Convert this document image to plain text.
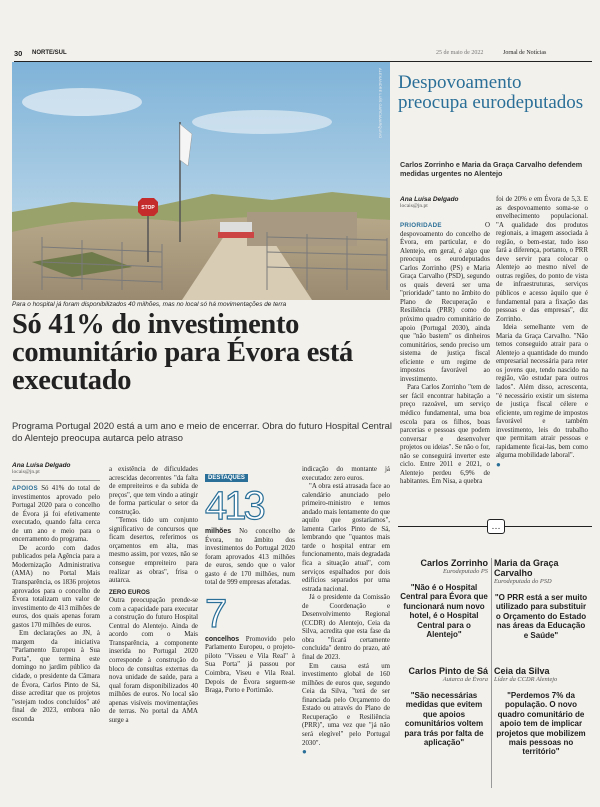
30 NORTE/SUL	25 de maio de 2022	Jornal de Notícias
STOP
ALEXANDRE LUÍS GARCIA/ARQUIVO
Para o hospital já foram disponibilizados 40 milhões, mas no local só há movimentações de terra
Só 41% do investimento comunitário para Évora está executado
Programa Portugal 2020 está a um ano e meio de encerrar. Obra do futuro Hospital Central do Alentejo preocupa autarca pelo atraso
Ana Luísa Delgado
locais@jn.pt

APOIOS Só 41% do total de investimentos aprovado pelo Portugal 2020 para o concelho de Évora já foi efetivamente executado, quando falta cerca de um ano e meio para o encerramento do programa.

De acordo com dados publicados pela Agência para a Modernização Administrativa (AMA) no Portal Mais Transparência, os 1836 projetos aprovados para o concelho de Évora totalizam um valor de investimento de 413 milhões de euros, dos quais apenas foram gastos 170 milhões de euros.

Em declarações ao JN, à margem da iniciativa "Parlamento Europeu à Sua Porta", que termina este domingo no jardim público da cidade, o presidente da Câmara de Évora, Carlos Pinto de Sá, disse acreditar que os projetos "estejam todos concluídos" até final de 2023, embora não esconda

a existência de dificuldades acrescidas decorrentes "da falta de empreiteiros e da subida de preços", que tem vindo a atingir de forma particular o setor da construção.

"Temos tido um conjunto significativo de concursos que ficam desertos, referimos os orçamentos em alta, mas mesmo assim, por vezes, não se consegue empreiteiro para realizar as obras", frisa o autarca.

ZERO EUROS

Outra preocupação prende-se com a capacidade para executar a construção do futuro Hospital Central do Alentejo. Ainda de acordo com o Mais Transparência, a componente inserida no Portugal 2020 corresponde à construção do bloco de consultas externas da nova unidade de saúde, para a qual foram disponibilizados 40 milhões de euros. No local são apenas visíveis movimentações de terras. No portal da AMA surge a

DESTAQUES
413
milhões No concelho de Évora, no âmbito dos investimentos do Portugal 2020 foram aprovados 413 milhões de euros, sendo que o valor gasto é de 170 milhões, num total de 999 empresas afetadas.
7
concelhos Promovido pelo Parlamento Europeu, o projeto-piloto "Visseu e Vila Real" à Sua Porta" já passou por Coimbra, Viseu e Vila Real. Depois de Évora seguem-se Braga, Porto e Portimão.

indicação do montante já executado: zero euros.

"A obra está atrasada face ao calendário anunciado pelo primeiro-ministro e temos andado mais lentamente do que aquilo que gostaríamos", lamenta Carlos Pinto de Sá, lembrando que "quantos mais tarde o hospital entrar em funcionamento, mais degradada fica a situação atual", com serviços espalhados por dois edifícios separados por uma estrada nacional.

Já o presidente da Comissão de Coordenação e Desenvolvimento Regional (CCDR) do Alentejo, Ceia da Silva, acredita que esta fase da obra "ficará certamente concluída" dentro do prazo, até final de 2023.

Em causa está um investimento global de 160 milhões de euros que, segundo Ceia da Silva, "terá de ser financiada pelo Orçamento do Estado ou através do Plano de Recuperação e Resiliência (PRR)", uma vez que "já não será elegível" pelo Portugal 2030".

●
Despovoamento preocupa eurodeputados
Carlos Zorrinho e Maria da Graça Carvalho defendem medidas urgentes no Alentejo
Ana Luísa Delgado
locais@jn.pt

PRIORIDADE	O despovoamento do concelho de Évora, em particular, e do Alentejo, em geral, é algo que preocupa os eurodeputados Carlos Zorrinho (PS) e Maria Graça Carvalho (PSD), segundo os quais deverá ser uma "prioridade" tanto no âmbito do Plano de Recuperação e Resiliência (PRR) como do próximo quadro comunitário de apoio (Portugal 2030), ainda que "não bastem" os dinheiros comunitários, sendo preciso um sistema de justiça fiscal eficiente e um regime de impostos favorável ao investimento.

Para Carlos Zorrinho "tem de ser fácil encontrar habitação a preço razoável, um serviço médico fundamental, uma boa escola para os filhos, boas parcerias e pessoas que podem conversar e desenvolver projetos ou ideias". Se não o for, não se conseguirá inverter este ciclo. Entre 2011 e 2021, o Alentejo perdeu 6,9% de habitantes. Em Nisa, a quebra

foi de 20% e em Évora de 5,3. E as despovoamento soma-se o envelhecimento populacional. "A qualidade dos produtos regionais, a imagem associada à região, o bem-estar, tudo isso fará a diferença, portanto, o PRR deve servir para colocar o Alentejo ao mesmo nível de outras regiões, do ponto de vista de infraestruturas, serviços públicos e acesso àquilo que é fundamental para a fixação das pessoas e das empresas", diz Zorrinho.

Ideia semelhante vem de Maria da Graça Carvalho. "Não temos conseguido atrair para o Alentejo a quantidade do mundo empresarial necessária para reter os jovens que, tendo nascido na região, vão estudar para outros lados". Além disso, acrescenta, "é necessário existir um sistema de justiça fiscal célere e eficiente, um regime de impostos favorável e também investimento, leis do trabalho que permitam atrair pessoas e rapidamente ficai-las, bem como alguma mobilidade laboral".

●
…
Carlos Zorrinho
Eurodeputado PS
"Não é o Hospital Central para Évora que funcionará num novo hotel, é o Hospital Central para o Alentejo"
Maria da Graça Carvalho
Eurodeputada do PSD
"O PRR está a ser muito utilizado para substituir o Orçamento do Estado nas áreas da Educação e Saúde"
Carlos Pinto de Sá
Autarca de Évora
"São necessárias medidas que evitem que apoios comunitários voltem para trás por falta de aplicação"
Ceia da Silva
Líder da CCDR Alentejo
"Perdemos 7% da população. O novo quadro comunitário de apoio tem de implicar projetos que mobilizem mais pessoas no território"
